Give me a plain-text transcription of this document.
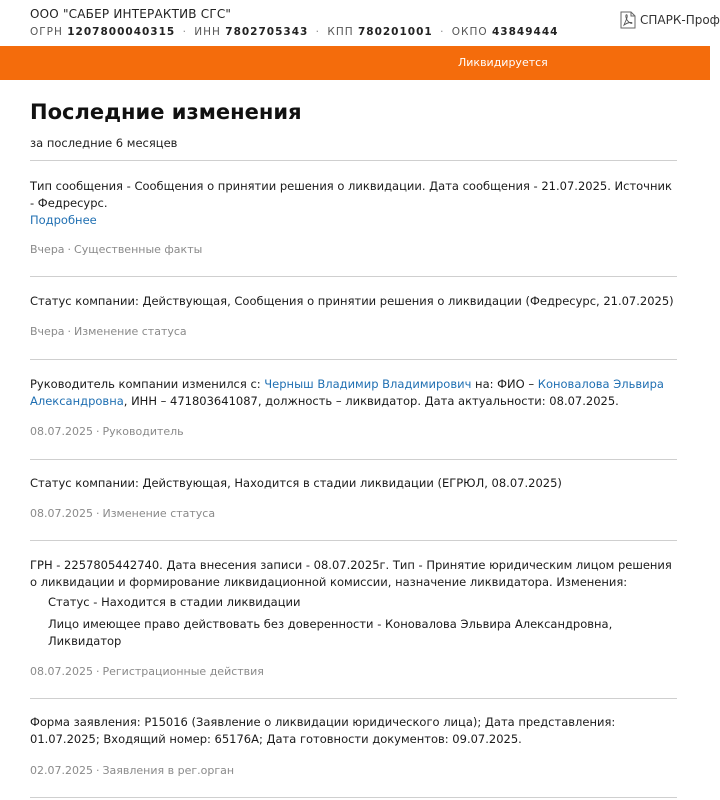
ООО "САБЕР ИНТЕРАКТИВ СГС"
ОГРН 1207800040315 · ИНН 7802705343 · КПП 780201001 · ОКПО 43849444
СПАРК-Проф
Ликвидируется
Последние изменения
за последние 6 месяцев
Тип сообщения - Сообщения о принятии решения о ликвидации. Дата сообщения - 21.07.2025. Источник - Федресурс.
Подробнее
Вчера · Существенные факты
Статус компании: Действующая, Сообщения о принятии решения о ликвидации (Федресурс, 21.07.2025)
Вчера · Изменение статуса
Руководитель компании изменился с: Черныш Владимир Владимирович на: ФИО – Коновалова Эльвира Александровна, ИНН – 471803641087, должность – ликвидатор. Дата актуальности: 08.07.2025.
08.07.2025 · Руководитель
Статус компании: Действующая, Находится в стадии ликвидации (ЕГРЮЛ, 08.07.2025)
08.07.2025 · Изменение статуса
ГРН - 2257805442740. Дата внесения записи - 08.07.2025г. Тип - Принятие юридическим лицом решения о ликвидации и формирование ликвидационной комиссии, назначение ликвидатора. Изменения:
Статус - Находится в стадии ликвидации
Лицо имеющее право действовать без доверенности - Коновалова Эльвира Александровна, Ликвидатор
08.07.2025 · Регистрационные действия
Форма заявления: Р15016 (Заявление о ликвидации юридического лица); Дата представления: 01.07.2025; Входящий номер: 65176А; Дата готовности документов: 09.07.2025.
02.07.2025 · Заявления в рег.орган
